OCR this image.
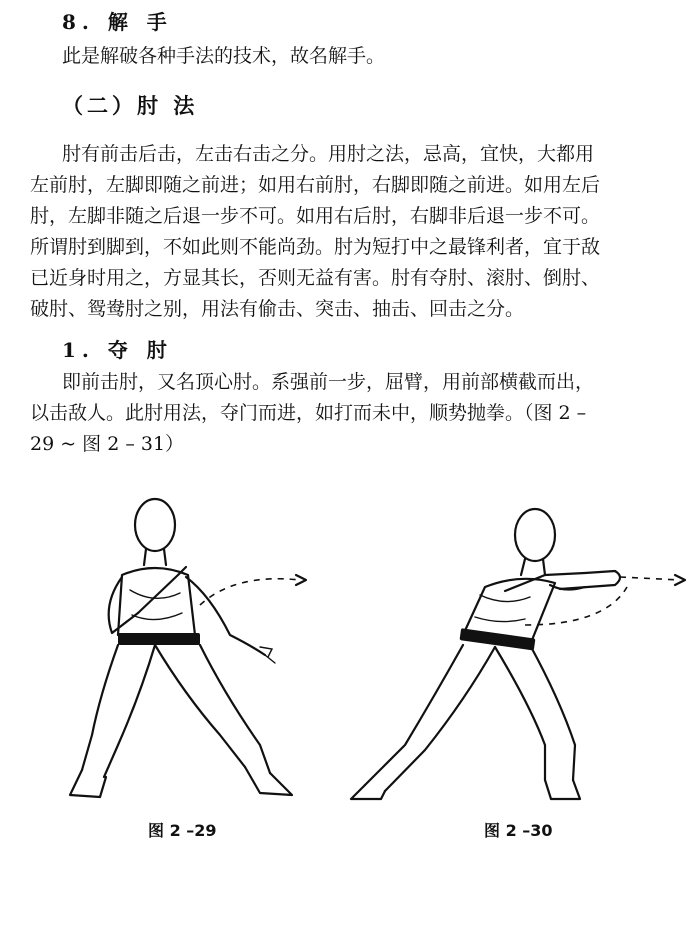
8. 解 手
此是解破各种手法的技术，故名解手。
（二）肘 法
肘有前击后击，左击右击之分。用肘之法，忌高，宜快，大都用
左前肘，左脚即随之前进；如用右前肘，右脚即随之前进。如用左后
肘，左脚非随之后退一步不可。如用右后肘，右脚非后退一步不可。
所谓肘到脚到，不如此则不能尚劲。肘为短打中之最锋利者，宜于敌
已近身时用之，方显其长，否则无益有害。肘有夺肘、滚肘、倒肘、
破肘、鸳鸯肘之别，用法有偷击、突击、抽击、回击之分。
1. 夺 肘
即前击肘，又名顶心肘。系强前一步，屈臂，用前部横截而出，
以击敌人。此肘用法，夺门而进，如打而未中，顺势抛拳。（图 2 –
29 ~ 图 2 – 31）
图 2 –29	图 2 –30
